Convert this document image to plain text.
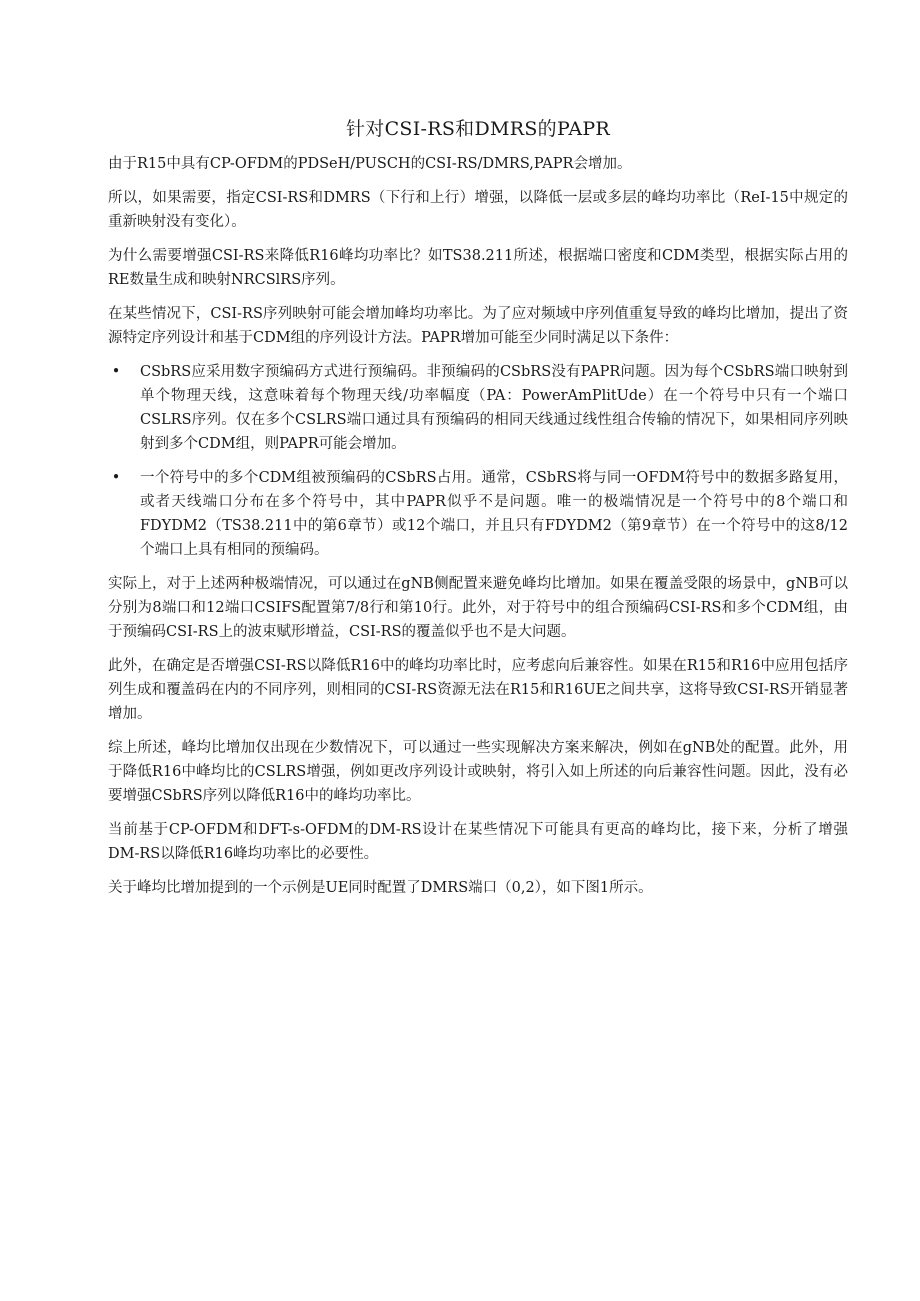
针对CSI-RS和DMRS的PAPR

由于R15中具有CP-OFDM的PDSeH/PUSCH的CSI-RS/DMRS,PAPR会增加。

所以，如果需要，指定CSI-RS和DMRS（下行和上行）增强，以降低一层或多层的峰均功率比（ReI-15中规定的重新映射没有变化）。

为什么需要增强CSI-RS来降低R16峰均功率比？如TS38.211所述，根据端口密度和CDM类型，根据实际占用的RE数量生成和映射NRCSlRS序列。

在某些情况下，CSI-RS序列映射可能会增加峰均功率比。为了应对频域中序列值重复导致的峰均比增加，提出了资源特定序列设计和基于CDM组的序列设计方法。PAPR增加可能至少同时满足以下条件：

• CSbRS应采用数字预编码方式进行预编码。非预编码的CSbRS没有PAPR问题。因为每个CSbRS端口映射到单个物理天线，这意味着每个物理天线/功率幅度（PA：PowerAmPlitUde）在一个符号中只有一个端口CSLRS序列。仅在多个CSLRS端口通过具有预编码的相同天线通过线性组合传输的情况下，如果相同序列映射到多个CDM组，则PAPR可能会增加。
• 一个符号中的多个CDM组被预编码的CSbRS占用。通常，CSbRS将与同一OFDM符号中的数据多路复用，或者天线端口分布在多个符号中，其中PAPR似乎不是问题。唯一的极端情况是一个符号中的8个端口和FDYDM2（TS38.211中的第6章节）或12个端口，并且只有FDYDM2（第9章节）在一个符号中的这8/12个端口上具有相同的预编码。

实际上，对于上述两种极端情况，可以通过在gNB侧配置来避免峰均比增加。如果在覆盖受限的场景中，gNB可以分别为8端口和12端口CSIFS配置第7/8行和第10行。此外，对于符号中的组合预编码CSI-RS和多个CDM组，由于预编码CSI-RS上的波束赋形增益，CSI-RS的覆盖似乎也不是大问题。

此外，在确定是否增强CSI-RS以降低R16中的峰均功率比时，应考虑向后兼容性。如果在R15和R16中应用包括序列生成和覆盖码在内的不同序列，则相同的CSI-RS资源无法在R15和R16UE之间共享，这将导致CSI-RS开销显著增加。

综上所述，峰均比增加仅出现在少数情况下，可以通过一些实现解决方案来解决，例如在gNB处的配置。此外，用于降低R16中峰均比的CSLRS增强，例如更改序列设计或映射，将引入如上所述的向后兼容性问题。因此，没有必要增强CSbRS序列以降低R16中的峰均功率比。

当前基于CP-OFDM和DFT-s-OFDM的DM-RS设计在某些情况下可能具有更高的峰均比，接下来，分析了增强DM-RS以降低R16峰均功率比的必要性。

关于峰均比增加提到的一个示例是UE同时配置了DMRS端口（0,2），如下图1所示。
